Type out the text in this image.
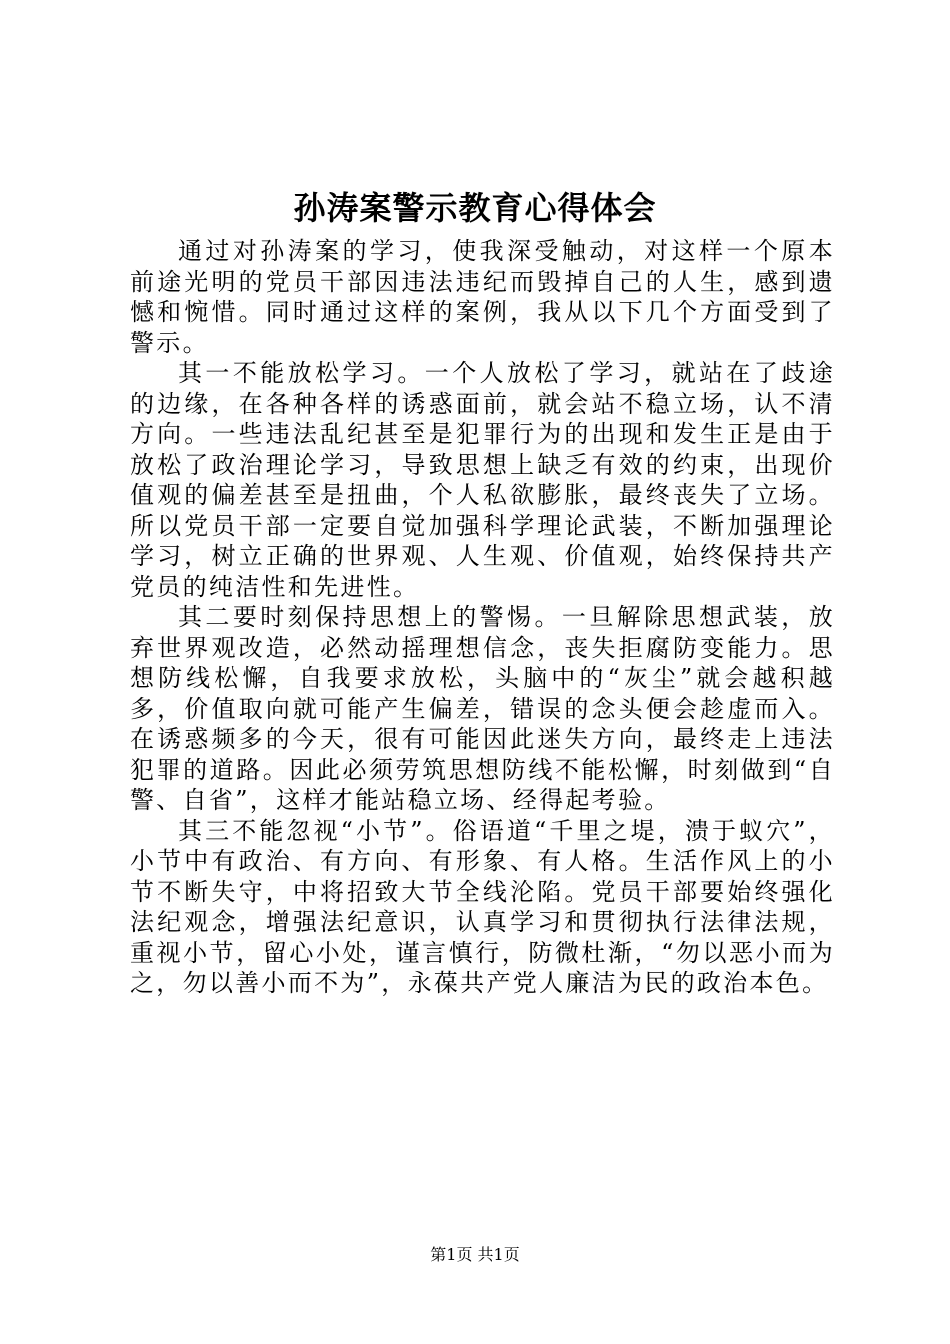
孙涛案警示教育心得体会

通过对孙涛案的学习，使我深受触动，对这样一个原本前途光明的党员干部因违法违纪而毁掉自己的人生，感到遗憾和惋惜。同时通过这样的案例，我从以下几个方面受到了警示。

其一不能放松学习。一个人放松了学习，就站在了歧途的边缘，在各种各样的诱惑面前，就会站不稳立场，认不清方向。一些违法乱纪甚至是犯罪行为的出现和发生正是由于放松了政治理论学习，导致思想上缺乏有效的约束，出现价值观的偏差甚至是扭曲，个人私欲膨胀，最终丧失了立场。所以党员干部一定要自觉加强科学理论武装，不断加强理论学习，树立正确的世界观、人生观、价值观，始终保持共产党员的纯洁性和先进性。

其二要时刻保持思想上的警惕。一旦解除思想武装，放弃世界观改造，必然动摇理想信念，丧失拒腐防变能力。思想防线松懈，自我要求放松，头脑中的“灰尘”就会越积越多，价值取向就可能产生偏差，错误的念头便会趁虚而入。在诱惑频多的今天，很有可能因此迷失方向，最终走上违法犯罪的道路。因此必须劳筑思想防线不能松懈，时刻做到“自警、自省”，这样才能站稳立场、经得起考验。

其三不能忽视“小节”。俗语道“千里之堤，溃于蚁穴”，小节中有政治、有方向、有形象、有人格。生活作风上的小节不断失守，中将招致大节全线沦陷。党员干部要始终强化法纪观念，增强法纪意识，认真学习和贯彻执行法律法规，重视小节，留心小处，谨言慎行，防微杜渐，“勿以恶小而为之，勿以善小而不为”，永葆共产党人廉洁为民的政治本色。

第1页 共1页
